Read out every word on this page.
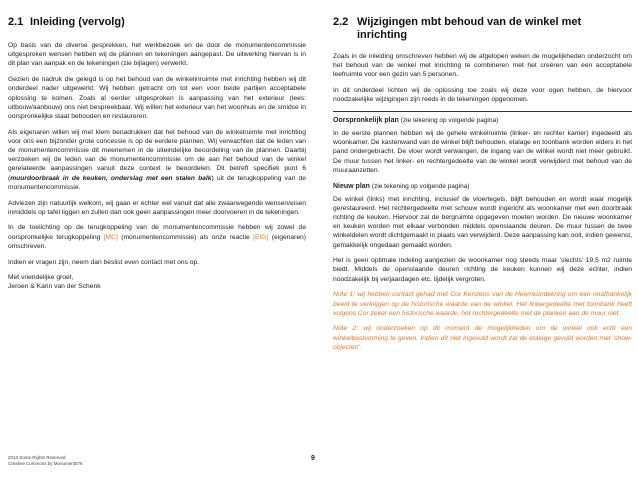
2.1 Inleiding (vervolg)

Op basis van de diverse gesprekken, het werkbezoek en de door de monumentencommissie uitgesproken wensen hebben wij de plannen en tekeningen aangepast. De uitwerking hiervan is in dit plan van aanpak en de tekeningen (zie bijlagen) verwerkt.

Gezien de nadruk die gelegd is op het behoud van de winkelinruimte met inrichting hebben wij dit onderdeel nader uitgewerkt. Wij hebben getracht om tot een voor beide partijen acceptabele oplossing te komen. Zoals al eerder uitgesproken is aanpassing van het exterieur (lees: uitbouw/aanbouw) ons niet bespreekbaar. Wij willen het exterieur van het woonhuis en de smidse in oorspronkelijke staat behouden en restaureren.

Als eigenaren willen wij met klem benadrukken dat het behoud van de winkelruimte met inrichting voor ons een bijzonder grote concessie is op de eerdere plannen. Wij verwachten dat de leden van de monumentencommissie dit meenemen in de uiteindelijke beoordeling van de plannen. Daarbij verzoeken wij de leden van de monumentencommissie om de aan het behoud van de winkel gerelateerde aanpassingen vanuit deze context te beoordelen. Dit betreft specifiek punt 6 (muurdoorbraak in de keuken, onderslag met een stalen balk) uit de terugkoppeling van de monumentencommissie.

Adviezen zijn natuurlijk welkom, wij gaan er echter wel vanuit dat alle zwaarwegende wensen/eisen inmiddels op tafel liggen en zullen dan ook geen aanpassingen meer doorvoeren in de tekeningen.

In de toelichting op de terugkoppeling van de monumentencommissie hebben wij zowel de oorspronkelijke terugkoppeling [MC] (monumentencommissie) als onze reactie [EIG] (eigenaren) omschreven.

Indien er vragen zijn, neem dan beslist even contact met ons op.

Met vriendelijke groet,
Jeroen & Karin van der Schenk

2.2 Wijzigingen mbt behoud van de winkel met inrichting

Zoals in de inleiding omschreven hebben wij de afgelopen weken de mogelijkheden onderzocht om het behoud van de winkel met inrichting te combineren met het creëren van een acceptabele leefruimte voor een gezin van 5 personen.

In dit onderdeel lichten wij de oplossing toe zoals wij deze voor ogen hebben, de hiervoor noodzakelijke wijzigingen zijn reeds in de tekeningen opgenomen.

Oorspronkelijk plan (zie tekening op volgende pagina)

In de eerste plannen hebben wij de gehele winkelruimte (linker- en rechter kamer) ingedeeld als woonkamer. De kastenwand van de winkel blijft behouden, etalage en toonbank worden elders in het pand ondergebracht. De vloer wordt verwangen, de ingang van de winkel wordt niet meer gebruikt. De muur tussen het linker- en rechtergedeelte van de winkel wordt verwijderd met behoud van de muuraanzetten.

Nieuw plan (zie tekening op volgende pagina)

De winkel (links) met inrichting, inclusief de vloertegels, blijft behouden en wordt waar mogelijk gerestaureerd. Het rechtergedeelte met schouw wordt ingericht als woonkamer met een doorbraak richting de keuken. Hiervoor zal de bergruimte opgegeven moeten worden. De nieuwe woonkamer en keuken worden met elkaar verbonden middels openslaande deuren. De muur tussen de twee winkeldelen wordt dichtgemaakt in plaats van verwijderd. Deze aanpassing kan ooit, indien gewenst, gemakkelijk ongedaan gemaakt worden.

Het is geen optimale indeling aangezien de woonkamer nog steeds maar 'slechts' 19,5 m2 ruimte biedt. Middels de openslaande deuren richting de keuken kunnen wij deze echter, indien noodzakelijk bij verjaardagen etc, tijdelijk vergroten.

Note 1: wij hebben contact gehad met Cor Kerstens van de Heemkundekring om een onafhankelijk beeld te verkrijgen op de historische waarde van de winkel. Het linkergedeelte met toonbank heeft volgens Cor zeker een historische waarde, het rechtergedeelte met de planken aan de muur niet.

Note 2: wij onderzoeken op dit moment de mogelijkheden om de winkel ook echt een winkelbestemming te geven. Indien dit niet ingevuld wordt zal de etalage gevuld worden met 'show-objecten'.

2013 Some Rights Reserved
Creative Commons by Monument076
9
